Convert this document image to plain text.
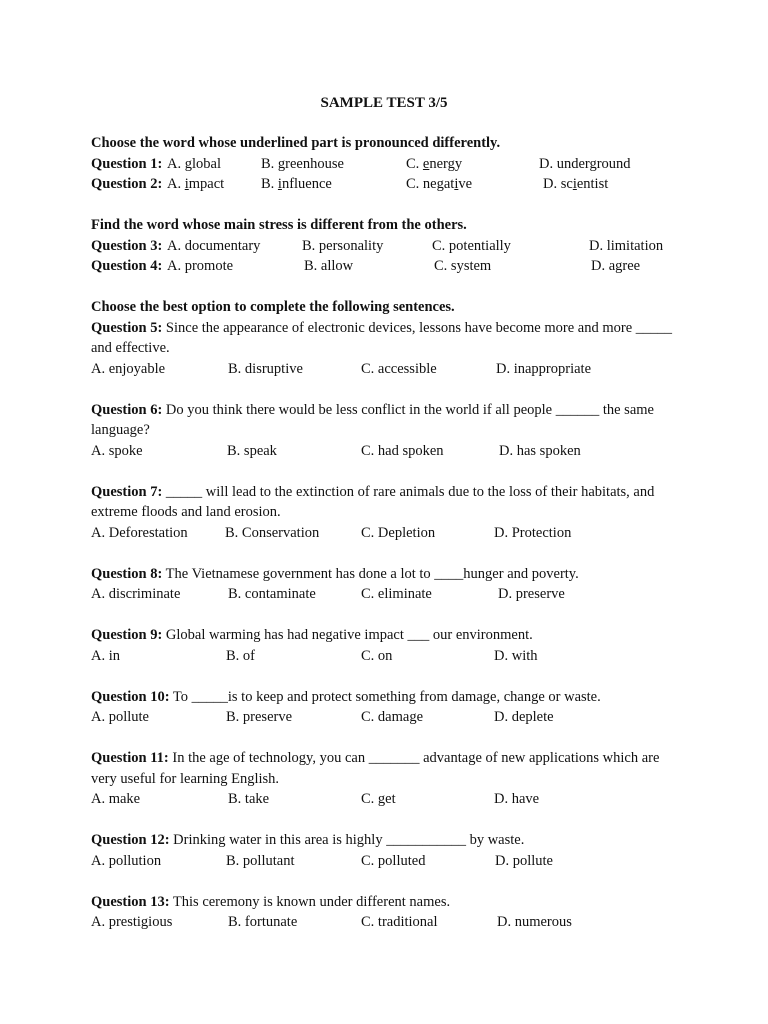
SAMPLE TEST 3/5
Choose the word whose underlined part is pronounced differently.
Question 1: A. global	B. greenhouse	C. energy	D. underground
Question 2: A. impact	B. influence	C. negative	D. scientist
Find the word whose main stress is different from the others.
Question 3: A. documentary	B. personality	C. potentially	D. limitation
Question 4: A. promote	B. allow	C. system	D. agree
Choose the best option to complete the following sentences.
Question 5: Since the appearance of electronic devices, lessons have become more and more _____
and effective.
A. enjoyable	B. disruptive	C. accessible	D. inappropriate
Question 6: Do you think there would be less conflict in the world if all people ______ the same
language?
A. spoke	B. speak	C. had spoken	D. has spoken
Question 7: _____ will lead to the extinction of rare animals due to the loss of their habitats, and
extreme floods and land erosion.
A. Deforestation	B. Conservation	C. Depletion	D. Protection
Question 8: The Vietnamese government has done a lot to ____hunger and poverty.
A. discriminate	B. contaminate	C. eliminate	D. preserve
Question 9: Global warming has had negative impact ___ our environment.
A. in	B. of	C. on	D. with
Question 10: To _____is to keep and protect something from damage, change or waste.
A. pollute	B. preserve	C. damage	D. deplete
Question 11: In the age of technology, you can _______ advantage of new applications which are
very useful for learning English.
A. make	B. take	C. get	D. have
Question 12: Drinking water in this area is highly ___________ by waste.
A. pollution	B. pollutant	C. polluted	D. pollute
Question 13: This ceremony is known under different names.
A. prestigious	B. fortunate	C. traditional	D. numerous
